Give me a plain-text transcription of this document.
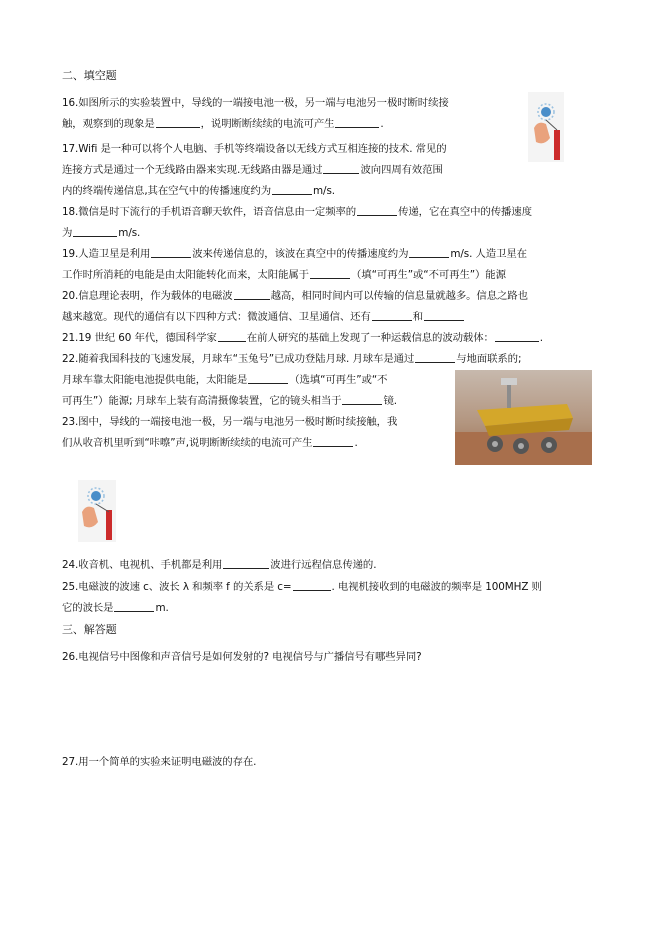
二、填空题
16.如图所示的实验装置中，导线的一端接电池一极，另一端与电池另一极时断时续接
触，观察到的现象是	，说明断断续续的电流可产生	.
17.Wifi 是一种可以将个人电脑、手机等终端设备以无线方式互相连接的技术. 常见的
连接方式是通过一个无线路由器来实现.无线路由器是通过	波向四周有效范围
内的终端传递信息,其在空气中的传播速度约为	m/s.
18.微信是时下流行的手机语音聊天软件，语音信息由一定频率的	传递，它在真空中的传播速度
为	m/s.
19.人造卫星是利用	波来传递信息的，该波在真空中的传播速度约为	m/s. 人造卫星在
工作时所消耗的电能是由太阳能转化而来，太阳能属于	（填“可再生”或“不可再生”）能源
20.信息理论表明，作为载体的电磁波	越高，相同时间内可以传输的信息量就越多。信息之路也
越来越宽。现代的通信有以下四种方式：微波通信、卫星通信、还有	和
21.19 世纪 60 年代，德国科学家	在前人研究的基础上发现了一种运载信息的波动载体：	.
22.随着我国科技的飞速发展，月球车“玉兔号”已成功登陆月球. 月球车是通过	与地面联系的;
月球车靠太阳能电池提供电能，太阳能是	（选填“可再生”或“不
可再生”）能源; 月球车上装有高清摄像装置，它的镜头相当于	镜.
23.图中，导线的一端接电池一极，另一端与电池另一极时断时续接触，我
们从收音机里听到“咔嚓”声,说明断断续续的电流可产生	.
24.收音机、电视机、手机都是利用	波进行远程信息传递的.
25.电磁波的波速 c、波长 λ 和频率 f 的关系是 c=	. 电视机接收到的电磁波的频率是 100MHZ 则
它的波长是	m.
三、解答题
26.电视信号中图像和声音信号是如何发射的? 电视信号与广播信号有哪些异同?
27.用一个简单的实验来证明电磁波的存在.
